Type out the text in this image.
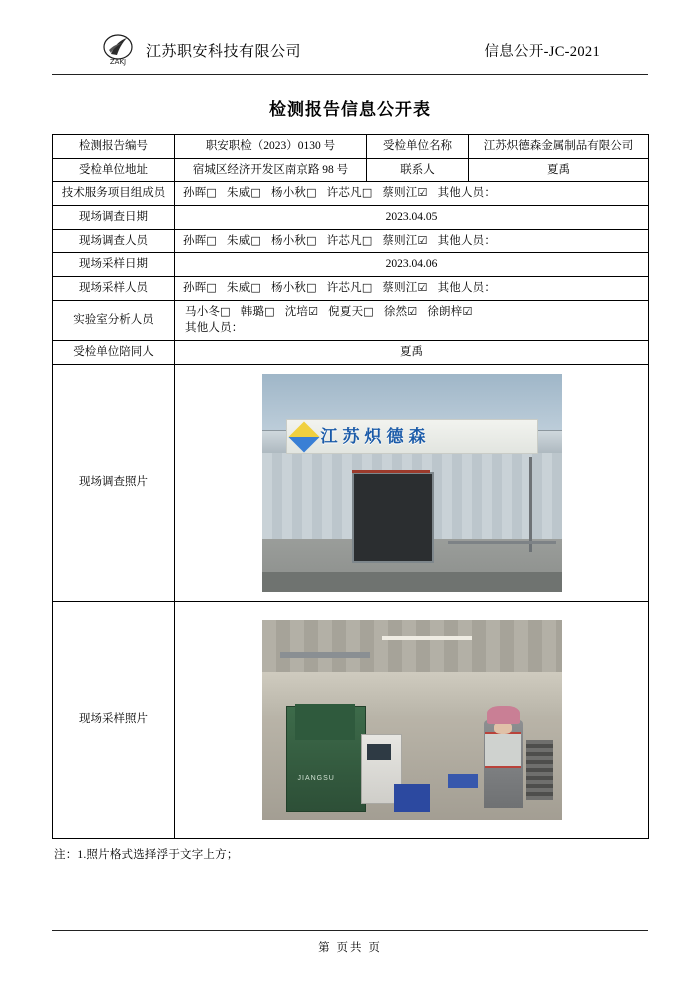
ZAKJ
江苏职安科技有限公司	信息公开-JC-2021
检测报告信息公开表
检测报告编号	职安职检（2023）0130 号	受检单位名称	江苏炽德森金属制品有限公司
受检单位地址	宿城区经济开发区南京路 98 号	联系人	夏禹
技术服务项目组成员	孙晖□ 朱威□ 杨小秋□ 许芯凡□ 蔡则江☑ 其他人员：

现场调查日期	2023.04.05		
现场调查人员	孙晖□ 朱威□ 杨小秋□ 许芯凡□ 蔡则江☑ 其他人员：

现场采样日期	2023.04.06		
现场采样人员	孙晖□ 朱威□ 杨小秋□ 许芯凡□ 蔡则江☑ 其他人员：

实验室分析人员	
马小冬□ 韩璐□ 沈培☑ 倪夏天□ 徐然☑ 徐朗梓☑
其他人员：

受检单位陪同人	夏禹		
现场调查照片	江苏炽德森		

现场采样照片	JIANGSU		
注：1.照片格式选择浮于文字上方；
第 页共 页
